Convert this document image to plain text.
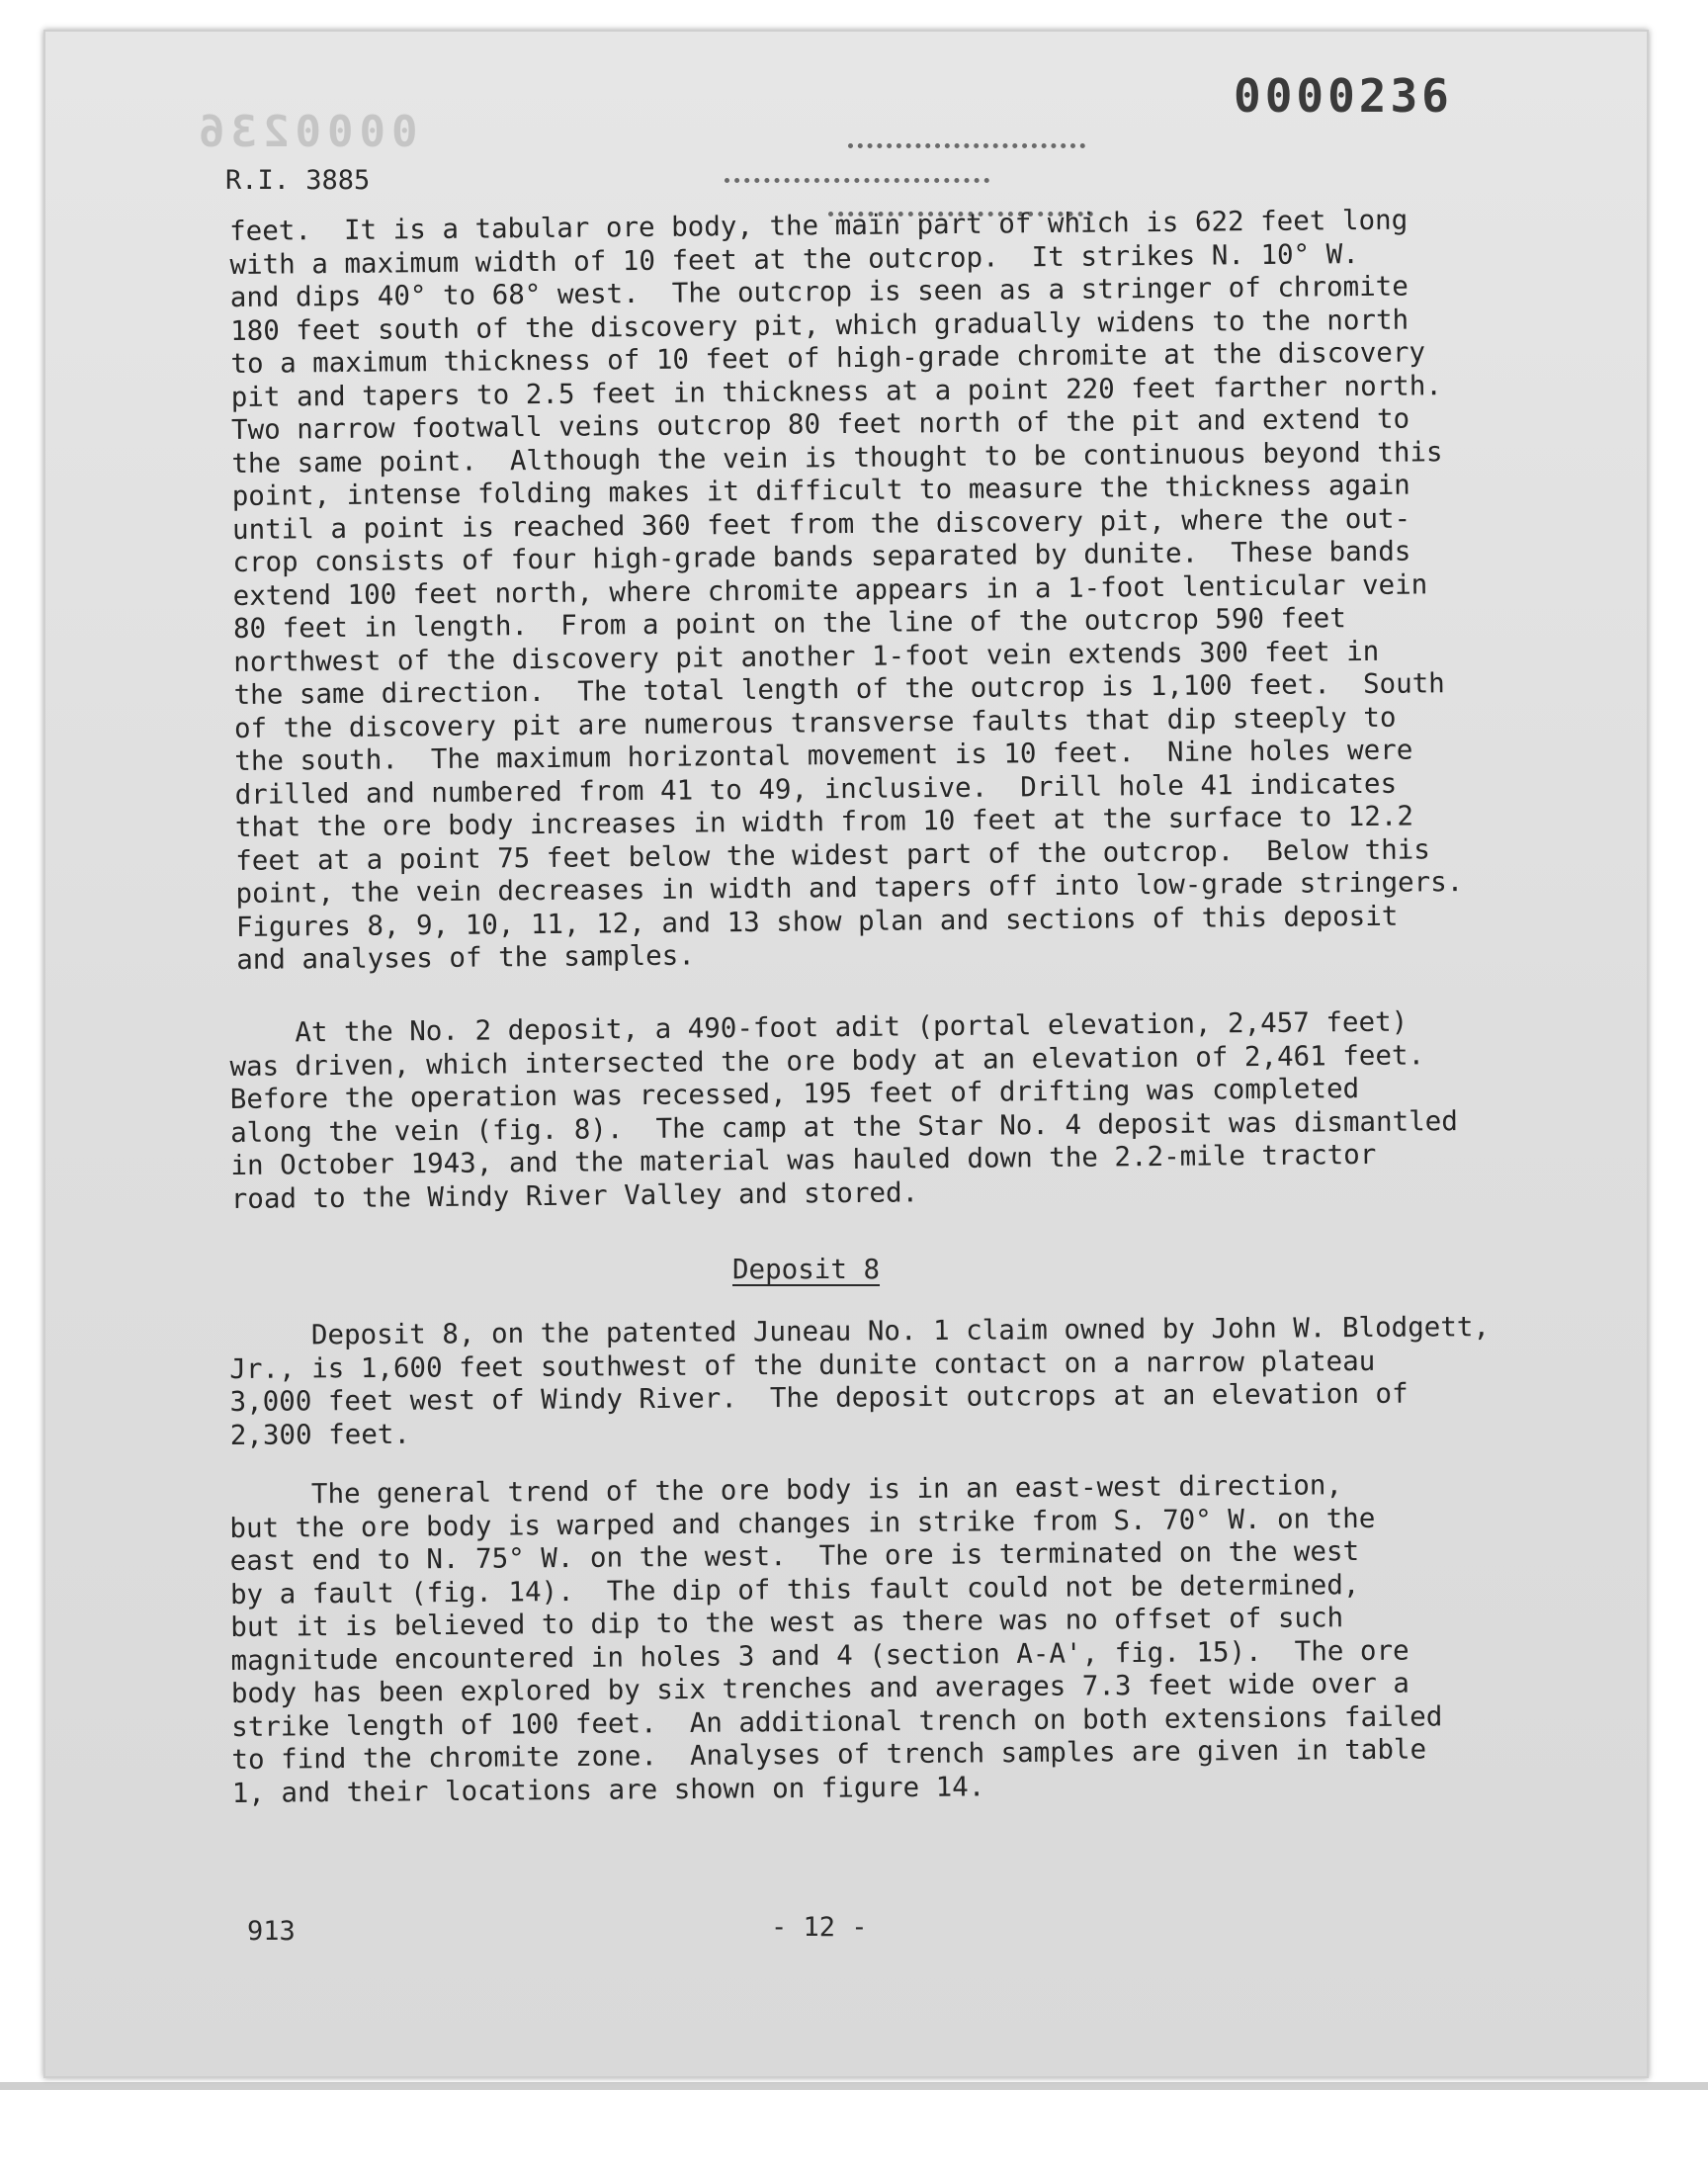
0000236
0000236
R.I. 3885
feet.  It is a tabular ore body, the main part of which is 622 feet long
with a maximum width of 10 feet at the outcrop.  It strikes N. 10° W.
and dips 40° to 68° west.  The outcrop is seen as a stringer of chromite
180 feet south of the discovery pit, which gradually widens to the north
to a maximum thickness of 10 feet of high-grade chromite at the discovery
pit and tapers to 2.5 feet in thickness at a point 220 feet farther north.
Two narrow footwall veins outcrop 80 feet north of the pit and extend to
the same point.  Although the vein is thought to be continuous beyond this
point, intense folding makes it difficult to measure the thickness again
until a point is reached 360 feet from the discovery pit, where the out-
crop consists of four high-grade bands separated by dunite.  These bands
extend 100 feet north, where chromite appears in a 1-foot lenticular vein
80 feet in length.  From a point on the line of the outcrop 590 feet
northwest of the discovery pit another 1-foot vein extends 300 feet in
the same direction.  The total length of the outcrop is 1,100 feet.  South
of the discovery pit are numerous transverse faults that dip steeply to
the south.  The maximum horizontal movement is 10 feet.  Nine holes were
drilled and numbered from 41 to 49, inclusive.  Drill hole 41 indicates
that the ore body increases in width from 10 feet at the surface to 12.2
feet at a point 75 feet below the widest part of the outcrop.  Below this
point, the vein decreases in width and tapers off into low-grade stringers.
Figures 8, 9, 10, 11, 12, and 13 show plan and sections of this deposit
and analyses of the samples.
At the No. 2 deposit, a 490-foot adit (portal elevation, 2,457 feet)
was driven, which intersected the ore body at an elevation of 2,461 feet.
Before the operation was recessed, 195 feet of drifting was completed
along the vein (fig. 8).  The camp at the Star No. 4 deposit was dismantled
in October 1943, and the material was hauled down the 2.2-mile tractor
road to the Windy River Valley and stored.
Deposit 8
Deposit 8, on the patented Juneau No. 1 claim owned by John W. Blodgett,
Jr., is 1,600 feet southwest of the dunite contact on a narrow plateau
3,000 feet west of Windy River.  The deposit outcrops at an elevation of
2,300 feet.
The general trend of the ore body is in an east-west direction,
but the ore body is warped and changes in strike from S. 70° W. on the
east end to N. 75° W. on the west.  The ore is terminated on the west
by a fault (fig. 14).  The dip of this fault could not be determined,
but it is believed to dip to the west as there was no offset of such
magnitude encountered in holes 3 and 4 (section A-A', fig. 15).  The ore
body has been explored by six trenches and averages 7.3 feet wide over a
strike length of 100 feet.  An additional trench on both extensions failed
to find the chromite zone.  Analyses of trench samples are given in table
1, and their locations are shown on figure 14.
913	- 12 -
